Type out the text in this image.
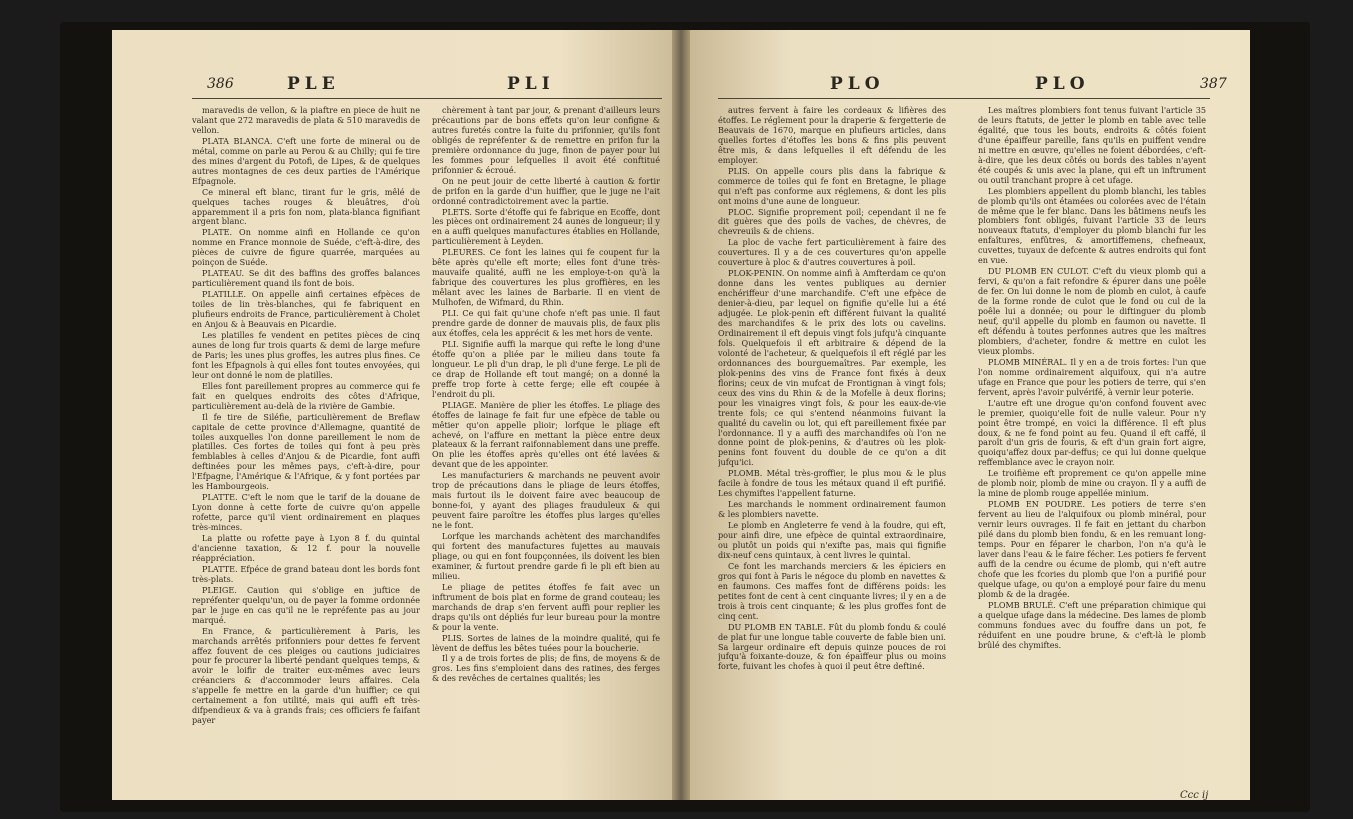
386	PLE	PLI

maravedis de vellon, & la piaftre en piece de huit ne valant que 272 maravedis de plata & 510 maravedis de vellon.

PLATA BLANCA. C'eft une forte de mineral ou de métal, comme on parle au Perou & au Chilly; qui fe tire des mines d'argent du Potofi, de Lipes, & de quelques autres montagnes de ces deux parties de l'Amérique Efpagnole.

Ce mineral eft blanc, tirant fur le gris, mêlé de quelques taches rouges & bleuâtres, d'où apparemment il a pris fon nom, plata-blanca fignifiant argent blanc.

PLATE. On nomme ainfi en Hollande ce qu'on nomme en France monnoie de Suéde, c'eft-à-dire, des pièces de cuivre de figure quarrée, marquées au poinçon de Suéde.

PLATEAU. Se dit des baffins des groffes balances particulièrement quand ils font de bois.

PLATILLE. On appelle ainfi certaines efpèces de toiles de lin très-blanches, qui fe fabriquent en plufieurs endroits de France, particulièrement à Cholet en Anjou & à Beauvais en Picardie.

Les platilles fe vendent en petites pièces de cinq aunes de long fur trois quarts & demi de large mefure de Paris; les unes plus groffes, les autres plus fines. Ce font les Efpagnols à qui elles font toutes envoyées, qui leur ont donné le nom de platilles.

Elles font pareillement propres au commerce qui fe fait en quelques endroits des côtes d'Afrique, particulièrement au-delà de la rivière de Gambie.

Il fe tire de Siléfie, particulièrement de Breflaw capitale de cette province d'Allemagne, quantité de toiles auxquelles l'on donne pareillement le nom de platilles. Ces fortes de toiles qui font à peu près femblables à celles d'Anjou & de Picardie, font auffi deftinées pour les mêmes pays, c'eft-à-dire, pour l'Efpagne, l'Amérique & l'Afrique, & y font portées par les Hambourgeois.

PLATTE. C'eft le nom que le tarif de la douane de Lyon donne à cette forte de cuivre qu'on appelle rofette, parce qu'il vient ordinairement en plaques très-minces.

La platte ou rofette paye à Lyon 8 f. du quintal d'ancienne taxation, & 12 f. pour la nouvelle réappréciation.

PLATTE. Efpéce de grand bateau dont les bords font très-plats.

PLEIGE. Caution qui s'oblige en juftice de repréfenter quelqu'un, ou de payer la fomme ordonnée par le juge en cas qu'il ne le repréfente pas au jour marqué.

En France, & particulièrement à Paris, les marchands arrêtés prifonniers pour dettes fe fervent affez fouvent de ces pleiges ou cautions judiciaires pour fe procurer la liberté pendant quelques temps, & avoir le loifir de traiter eux-mêmes avec leurs créanciers & d'accommoder leurs affaires. Cela s'appelle fe mettre en la garde d'un huiffier; ce qui certainement a fon utilité, mais qui auffi eft très-difpendieux & va à grands frais; ces officiers fe faifant payer

chèrement à tant par jour, & prenant d'ailleurs leurs précautions par de bons effets qu'on leur configne & autres furetés contre la fuite du prifonnier, qu'ils font obligés de repréfenter & de remettre en prifon fur la première ordonnance du juge, finon de payer pour lui les fommes pour lefquelles il avoit été conftitué prifonnier & écroué.

On ne peut jouir de cette liberté à caution & fortir de prifon en la garde d'un huiffier, que le juge ne l'ait ordonné contradictoirement avec la partie.

PLETS. Sorte d'étoffe qui fe fabrique en Ecoffe, dont les pièces ont ordinairement 24 aunes de longueur; il y en a auffi quelques manufactures établies en Hollande, particulièrement à Leyden.

PLEURES. Ce font les laines qui fe coupent fur la bête après qu'elle eft morte; elles font d'une très-mauvaife qualité, auffi ne les employe-t-on qu'à la fabrique des couvertures les plus groffières, en les mêlant avec les laines de Barbarie. Il en vient de Mulhofen, de Wifmard, du Rhin.

PLI. Ce qui fait qu'une chofe n'eft pas unie. Il faut prendre garde de donner de mauvais plis, de faux plis aux étoffes, cela les apprécit & les met hors de vente.

PLI. Signifie auffi la marque qui refte le long d'une étoffe qu'on a pliée par le milieu dans toute fa longueur. Le pli d'un drap, le pli d'une ferge. Le pli de ce drap de Hollande eft tout mangé; on a donné la preffe trop forte à cette ferge; elle eft coupée à l'endroit du pli.

PLIAGE. Manière de plier les étoffes. Le pliage des étoffes de lainage fe fait fur une efpèce de table ou mêtier qu'on appelle plioir; lorfque le pliage eft achevé, on l'affure en mettant la pièce entre deux plateaux & la ferrant raifonnablement dans une preffe. On plie les étoffes après qu'elles ont été lavées & devant que de les appointer.

Les manufacturiers & marchands ne peuvent avoir trop de précautions dans le pliage de leurs étoffes, mais furtout ils le doivent faire avec beaucoup de bonne-foi, y ayant des pliages frauduleux & qui peuvent faire paroître les étoffes plus larges qu'elles ne le font.

Lorfque les marchands achètent des marchandifes qui fortent des manufactures fujettes au mauvais pliage, ou qui en font foupçonnées, ils doivent les bien examiner, & furtout prendre garde fi le pli eft bien au milieu.

Le pliage de petites étoffes fe fait avec un inftrument de bois plat en forme de grand couteau; les marchands de drap s'en fervent auffi pour replier les draps qu'ils ont dépliés fur leur bureau pour la montre & pour la vente.

PLIS. Sortes de laines de la moindre qualité, qui fe lèvent de deffus les bêtes tuées pour la boucherie.

Il y a de trois fortes de plis; de fins, de moyens & de gros. Les fins s'emploient dans des ratines, des ferges & des revêches de certaines qualités; les

PLO	PLO	387

autres fervent à faire les cordeaux & lifières des étoffes. Le réglement pour la draperie & fergetterie de Beauvais de 1670, marque en plufieurs articles, dans quelles fortes d'étoffes les bons & fins plis peuvent être mis, & dans lefquelles il eft défendu de les employer.

PLIS. On appelle cours plis dans la fabrique & commerce de toiles qui fe font en Bretagne, le pliage qui n'eft pas conforme aux réglemens, & dont les plis ont moins d'une aune de longueur.

PLOC. Signifie proprement poil; cependant il ne fe dit guères que des poils de vaches, de chèvres, de chevreuils & de chiens.

La ploc de vache fert particulièrement à faire des couvertures. Il y a de ces couvertures qu'on appelle couverture à ploc & d'autres couvertures à poil.

PLOK-PENIN. On nomme ainfi à Amfterdam ce qu'on donne dans les ventes publiques au dernier enchériffeur d'une marchandife. C'eft une efpèce de denier-à-dieu, par lequel on fignifie qu'elle lui a été adjugée. Le plok-penin eft différent fuivant la qualité des marchandifes & le prix des lots ou cavelins. Ordinairement il eft depuis vingt fols jufqu'à cinquante fols. Quelquefois il eft arbitraire & dépend de la volonté de l'acheteur, & quelquefois il eft réglé par les ordonnances des bourguemaîtres. Par exemple, les plok-penins des vins de France font fixés à deux florins; ceux de vin mufcat de Frontignan à vingt fols; ceux des vins du Rhin & de la Mofelle à deux florins; pour les vinaigres vingt fols, & pour les eaux-de-vie trente fols; ce qui s'entend néanmoins fuivant la qualité du cavelin ou lot, qui eft pareillement fixée par l'ordonnance. Il y a auffi des marchandifes où l'on ne donne point de plok-penins, & d'autres où les plok-penins font fouvent du double de ce qu'on a dit jufqu'ici.

PLOMB. Métal très-groffier, le plus mou & le plus facile à fondre de tous les métaux quand il eft purifié. Les chymiftes l'appellent faturne.

Les marchands le nomment ordinairement faumon & les plombiers navette.

Le plomb en Angleterre fe vend à la foudre, qui eft, pour ainfi dire, une efpèce de quintal extraordinaire, ou plutôt un poids qui n'exifte pas, mais qui fignifie dix-neuf cens quintaux, à cent livres le quintal.

Ce font les marchands merciers & les épiciers en gros qui font à Paris le négoce du plomb en navettes & en faumons. Ces maffes font de différens poids: les petites font de cent à cent cinquante livres; il y en a de trois à trois cent cinquante; & les plus groffes font de cinq cent.

DU PLOMB EN TABLE. Fût du plomb fondu & coulé de plat fur une longue table couverte de fable bien uni. Sa largeur ordinaire eft depuis quinze pouces de roi jufqu'à foixante-douze, & fon épaiffeur plus ou moins forte, fuivant les chofes à quoi il peut être deftiné.

Les maîtres plombiers font tenus fuivant l'article 35 de leurs ftatuts, de jetter le plomb en table avec telle égalité, que tous les bouts, endroits & côtés foient d'une épaiffeur pareille, fans qu'ils en puiffent vendre ni mettre en œuvre, qu'elles ne foient débordées, c'eft-à-dire, que les deux côtés ou bords des tables n'ayent été coupés & unis avec la plane, qui eft un inftrument ou outil tranchant propre à cet ufage.

Les plombiers appellent du plomb blanchi, les tables de plomb qu'ils ont étamées ou colorées avec de l'étain de même que le fer blanc. Dans les bâtimens neufs les plombiers font obligés, fuivant l'article 33 de leurs nouveaux ftatuts, d'employer du plomb blanchi fur les enfaîtures, enfûtres, & amortiffemens, chefneaux, cuvettes, tuyaux de defcente & autres endroits qui font en vue.

DU PLOMB EN CULOT. C'eft du vieux plomb qui a fervi, & qu'on a fait refondre & épurer dans une poêle de fer. On lui donne le nom de plomb en culot, à caufe de la forme ronde de culot que le fond ou cul de la poêle lui a donnée; ou pour le diftinguer du plomb neuf, qu'il appelle du plomb en faumon ou navette. Il eft défendu à toutes perfonnes autres que les maîtres plombiers, d'acheter, fondre & mettre en culot les vieux plombs.

PLOMB MINÉRAL. Il y en a de trois fortes: l'un que l'on nomme ordinairement alquifoux, qui n'a autre ufage en France que pour les potiers de terre, qui s'en fervent, après l'avoir pulvérifé, à vernir leur poterie.

L'autre eft une drogue qu'on confond fouvent avec le premier, quoiqu'elle foit de nulle valeur. Pour n'y point être trompé, en voici la différence. Il eft plus doux, & ne fe fond point au feu. Quand il eft caffé, il paroît d'un gris de fouris, & eft d'un grain fort aigre, quoiqu'affez doux par-deffus; ce qui lui donne quelque reffemblance avec le crayon noir.

Le troifième eft proprement ce qu'on appelle mine de plomb noir, plomb de mine ou crayon. Il y a auffi de la mine de plomb rouge appellée minium.

PLOMB EN POUDRE. Les potiers de terre s'en fervent au lieu de l'alquifoux ou plomb minéral, pour vernir leurs ouvrages. Il fe fait en jettant du charbon pilé dans du plomb bien fondu, & en les remuant long-temps. Pour en féparer le charbon, l'on n'a qu'à le laver dans l'eau & le faire fécher. Les potiers fe fervent auffi de la cendre ou écume de plomb, qui n'eft autre chofe que les fcories du plomb que l'on a purifié pour quelque ufage, ou qu'on a employé pour faire du menu plomb & de la dragée.

PLOMB BRULÉ. C'eft une préparation chimique qui a quelque ufage dans la médecine. Des lames de plomb communs fondues avec du fouffre dans un pot, fe réduifent en une poudre brune, & c'eft-là le plomb brûlé des chymiftes.

Ccc ij
